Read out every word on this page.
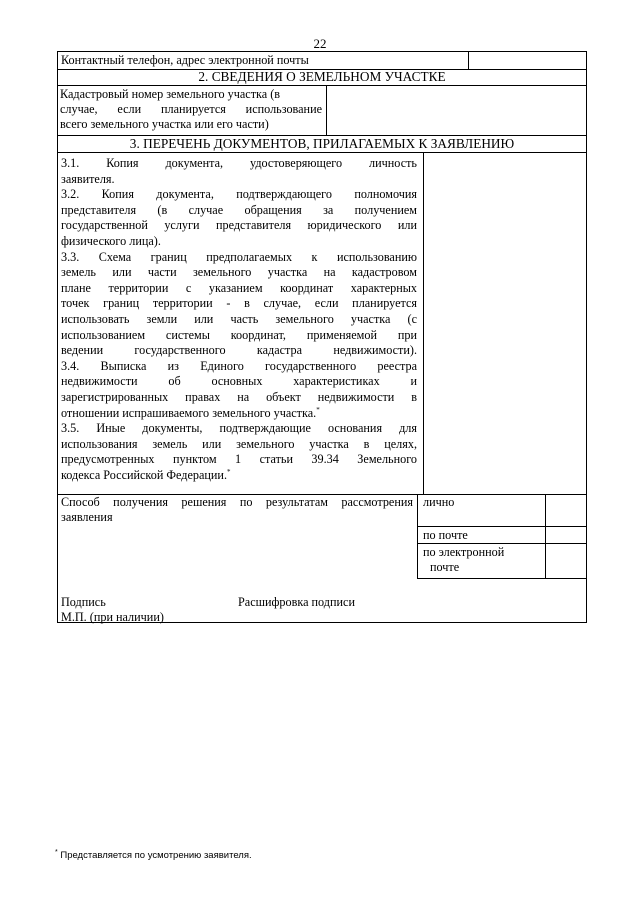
22
Контактный телефон, адрес электронной почты
2. СВЕДЕНИЯ О ЗЕМЕЛЬНОМ УЧАСТКЕ
Кадастровый номер земельного участка (в
случае, если планируется использование
всего земельного участка или его части)
3. ПЕРЕЧЕНЬ ДОКУМЕНТОВ, ПРИЛАГАЕМЫХ К ЗАЯВЛЕНИЮ
3.1. Копия документа, удостоверяющего личность
заявителя.
3.2. Копия документа, подтверждающего полномочия
представителя (в случае обращения за получением
государственной услуги представителя юридического или
физического лица).
3.3. Схема границ предполагаемых к использованию
земель или части земельного участка на кадастровом
плане территории с указанием координат характерных
точек границ территории - в случае, если планируется
использовать земли или часть земельного участка (с
использованием системы координат, применяемой при
ведении государственного кадастра недвижимости).
3.4. Выписка из Единого государственного реестра
недвижимости об основных характеристиках и
зарегистрированных правах на объект недвижимости в
отношении испрашиваемого земельного участка.*
3.5. Иные документы, подтверждающие основания для
использования земель или земельного участка в целях,
предусмотренных пунктом 1 статьи 39.34 Земельного
кодекса Российской Федерации.*
Способ получения решения по результатам рассмотрения
заявления
лично
по почте
по электронной
почте
Подпись	Расшифровка подписи
М.П. (при наличии)
* Представляется по усмотрению заявителя.
